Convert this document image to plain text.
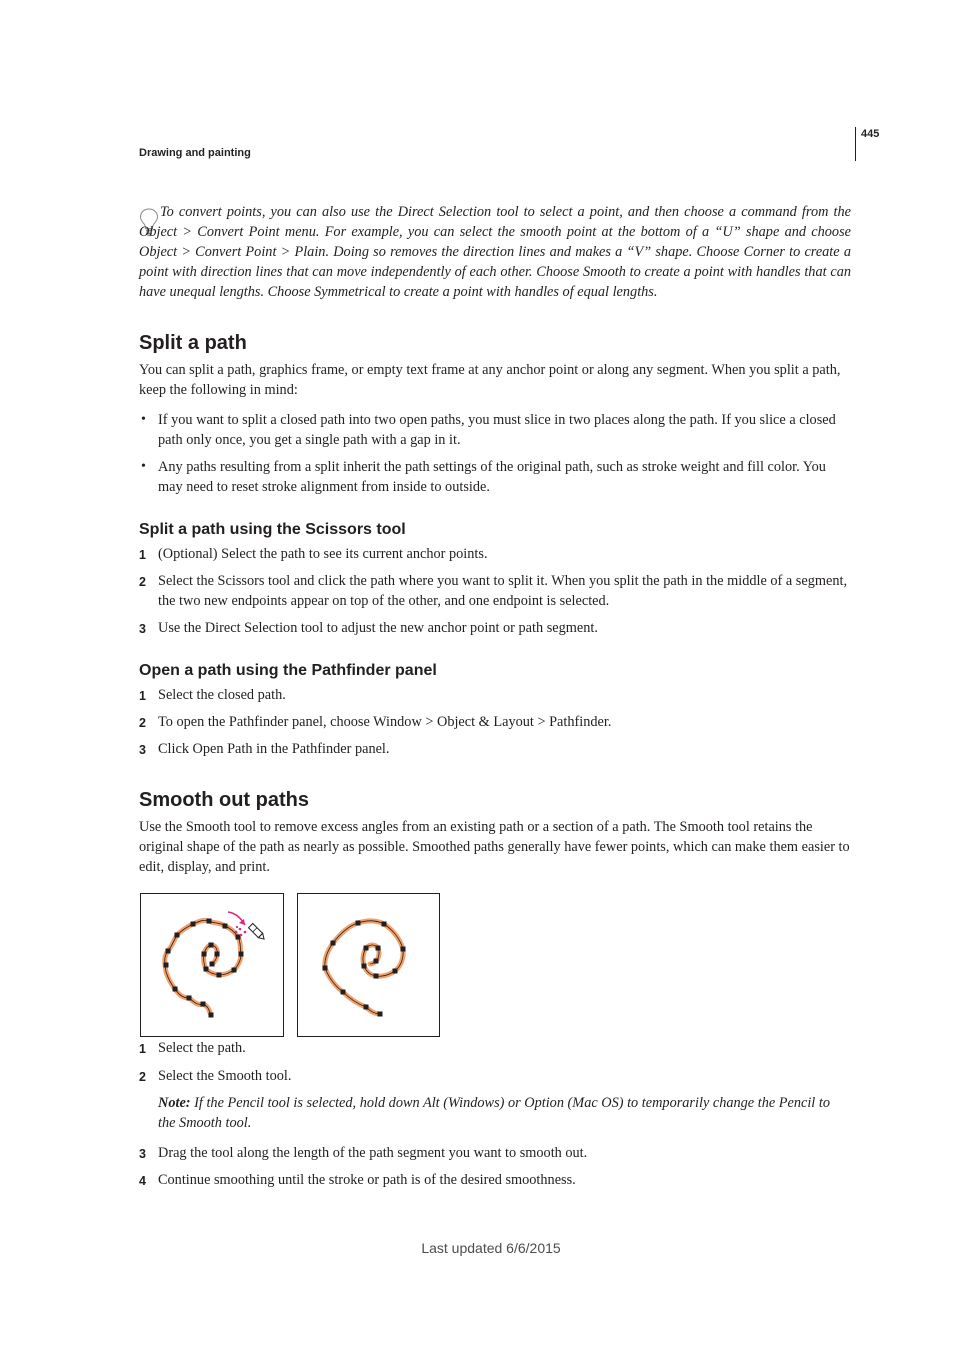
Drawing and painting
445
To convert points, you can also use the Direct Selection tool to select a point, and then choose a command from the Object > Convert Point menu. For example, you can select the smooth point at the bottom of a “U” shape and choose Object > Convert Point > Plain. Doing so removes the direction lines and makes a “V” shape. Choose Corner to create a point with direction lines that can move independently of each other. Choose Smooth to create a point with handles that can have unequal lengths. Choose Symmetrical to create a point with handles of equal lengths.
Split a path
You can split a path, graphics frame, or empty text frame at any anchor point or along any segment. When you split a path, keep the following in mind:
• If you want to split a closed path into two open paths, you must slice in two places along the path. If you slice a closed path only once, you get a single path with a gap in it.
• Any paths resulting from a split inherit the path settings of the original path, such as stroke weight and fill color. You may need to reset stroke alignment from inside to outside.
Split a path using the Scissors tool
1 (Optional) Select the path to see its current anchor points.
2 Select the Scissors tool and click the path where you want to split it. When you split the path in the middle of a segment, the two new endpoints appear on top of the other, and one endpoint is selected.
3 Use the Direct Selection tool to adjust the new anchor point or path segment.
Open a path using the Pathfinder panel
1 Select the closed path.
2 To open the Pathfinder panel, choose Window > Object & Layout > Pathfinder.
3 Click Open Path in the Pathfinder panel.
Smooth out paths
Use the Smooth tool to remove excess angles from an existing path or a section of a path. The Smooth tool retains the original shape of the path as nearly as possible. Smoothed paths generally have fewer points, which can make them easier to edit, display, and print.
1 Select the path.
2 Select the Smooth tool.
Note: If the Pencil tool is selected, hold down Alt (Windows) or Option (Mac OS) to temporarily change the Pencil to the Smooth tool.
3 Drag the tool along the length of the path segment you want to smooth out.
4 Continue smoothing until the stroke or path is of the desired smoothness.
Last updated 6/6/2015
